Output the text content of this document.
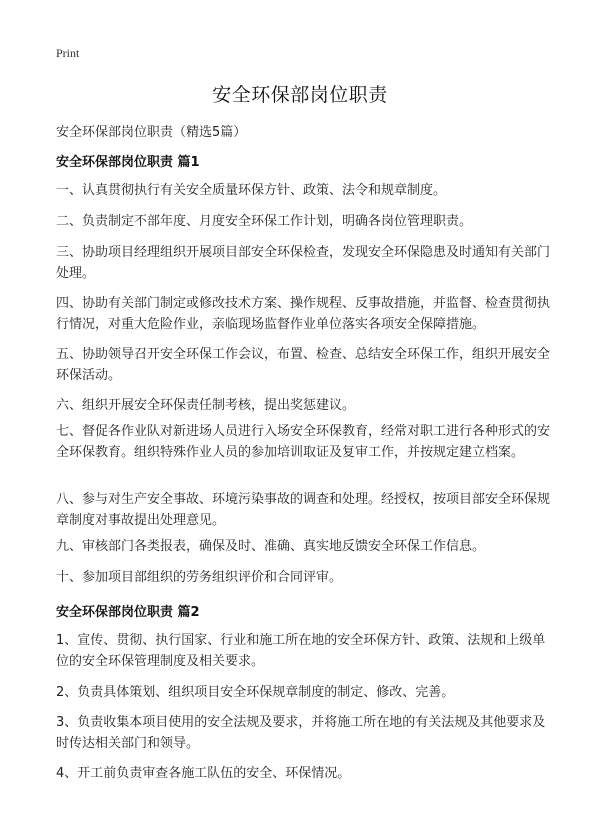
Print
安全环保部岗位职责
安全环保部岗位职责（精选5篇）
安全环保部岗位职责 篇1
一、认真贯彻执行有关安全质量环保方针、政策、法令和规章制度。
二、负责制定不部年度、月度安全环保工作计划，明确各岗位管理职责。
三、协助项目经理组织开展项目部安全环保检查，发现安全环保隐患及时通知有关部门处理。
四、协助有关部门制定或修改技术方案、操作规程、反事故措施，并监督、检查贯彻执行情况，对重大危险作业，亲临现场监督作业单位落实各项安全保障措施。
五、协助领导召开安全环保工作会议，布置、检查、总结安全环保工作，组织开展安全环保活动。
六、组织开展安全环保责任制考核，提出奖惩建议。
七、督促各作业队对新进场人员进行入场安全环保教育，经常对职工进行各种形式的安全环保教育。组织特殊作业人员的参加培训取证及复审工作，并按规定建立档案。
八、参与对生产安全事故、环境污染事故的调查和处理。经授权，按项目部安全环保规章制度对事故提出处理意见。
九、审核部门各类报表，确保及时、准确、真实地反馈安全环保工作信息。
十、参加项目部组织的劳务组织评价和合同评审。
安全环保部岗位职责 篇2
1、宣传、贯彻、执行国家、行业和施工所在地的安全环保方针、政策、法规和上级单位的安全环保管理制度及相关要求。
2、负责具体策划、组织项目安全环保规章制度的制定、修改、完善。
3、负责收集本项目使用的安全法规及要求，并将施工所在地的有关法规及其他要求及时传达相关部门和领导。
4、开工前负责审查各施工队伍的安全、环保情况。
